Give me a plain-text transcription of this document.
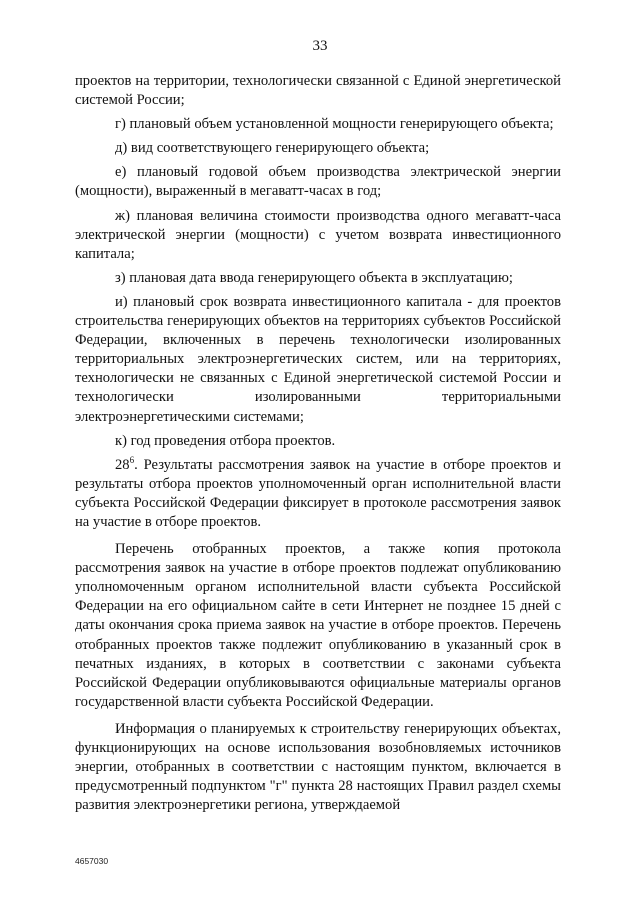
33

проектов на территории, технологически связанной с Единой энергетической системой России;

г) плановый объем установленной мощности генерирующего объекта;

д) вид соответствующего генерирующего объекта;

е) плановый годовой объем производства электрической энергии (мощности), выраженный в мегаватт-часах в год;

ж) плановая величина стоимости производства одного мегаватт-часа электрической энергии (мощности) с учетом возврата инвестиционного капитала;

з) плановая дата ввода генерирующего объекта в эксплуатацию;

и) плановый срок возврата инвестиционного капитала - для проектов строительства генерирующих объектов на территориях субъектов Российской Федерации, включенных в перечень технологически изолированных территориальных электроэнергетических систем, или на территориях, технологически не связанных с Единой энергетической системой России и технологически изолированными территориальными электроэнергетическими системами;

к) год проведения отбора проектов.

$28^6$. Результаты рассмотрения заявок на участие в отборе проектов и результаты отбора проектов уполномоченный орган исполнительной власти субъекта Российской Федерации фиксирует в протоколе рассмотрения заявок на участие в отборе проектов.

Перечень отобранных проектов, а также копия протокола рассмотрения заявок на участие в отборе проектов подлежат опубликованию уполномоченным органом исполнительной власти субъекта Российской Федерации на его официальном сайте в сети Интернет не позднее 15 дней с даты окончания срока приема заявок на участие в отборе проектов. Перечень отобранных проектов также подлежит опубликованию в указанный срок в печатных изданиях, в которых в соответствии с законами субъекта Российской Федерации опубликовываются официальные материалы органов государственной власти субъекта Российской Федерации.

Информация о планируемых к строительству генерирующих объектах, функционирующих на основе использования возобновляемых источников энергии, отобранных в соответствии с настоящим пунктом, включается в предусмотренный подпунктом "г" пункта 28 настоящих Правил раздел схемы развития электроэнергетики региона, утверждаемой

4657030
